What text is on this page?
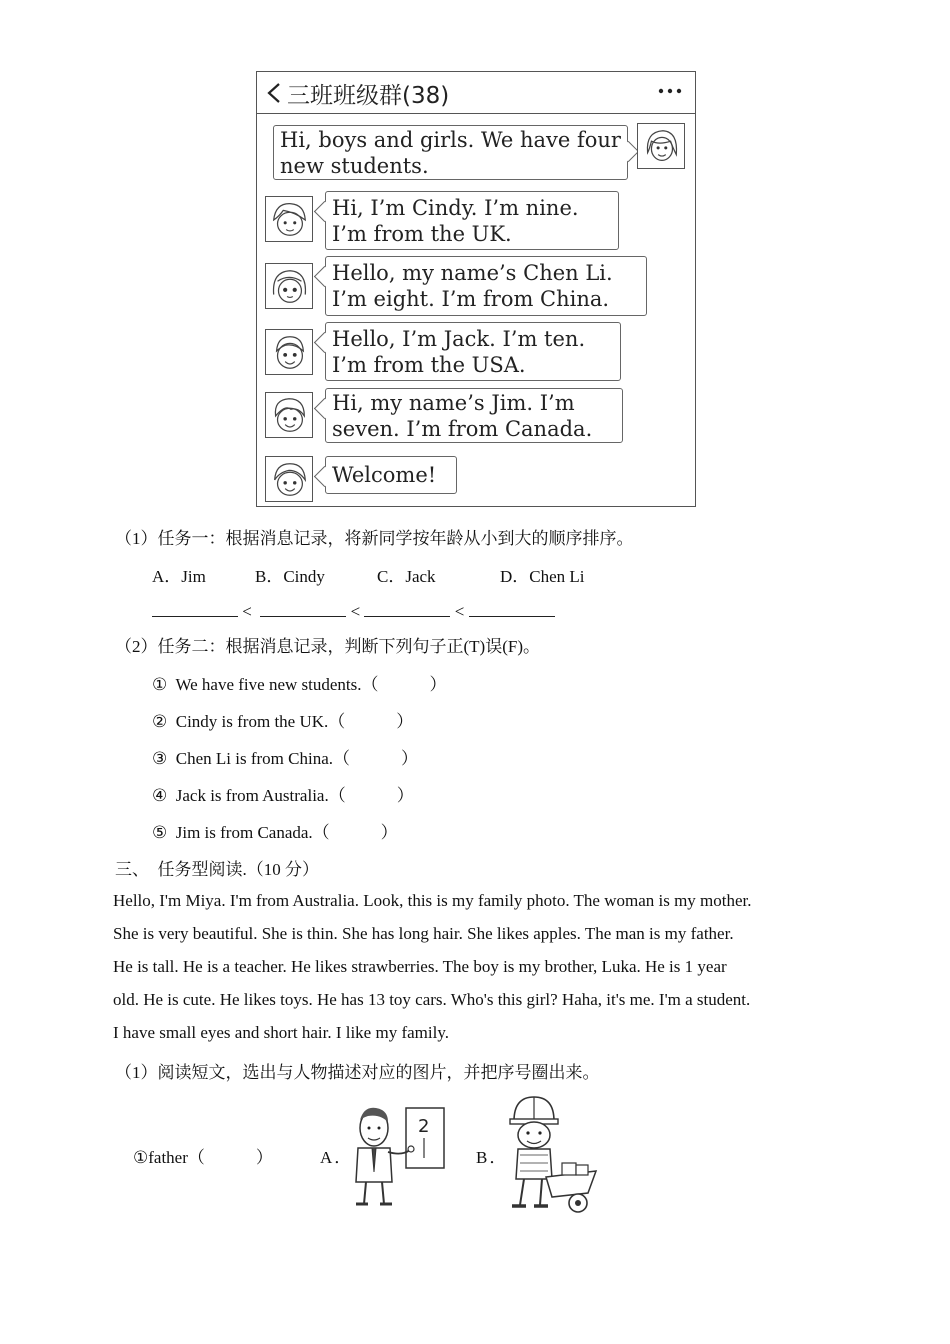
三班班级群(38)
Hi, boys and girls. We have four
new students.
Hi, I’m Cindy. I’m nine.
I’m from the UK.
Hello, my name’s Chen Li.
I’m eight. I’m from China.
Hello, I’m Jack. I’m ten.
I’m from the USA.
Hi, my name’s Jim. I’m
seven. I’m from Canada.
Welcome!
（1）任务一：根据消息记录，将新同学按年龄从小到大的顺序排序。
A．Jim	B．Cindy	C．Jack	D．Chen Li
<	<	<
（2）任务二：根据消息记录，判断下列句子正(T)误(F)。
① We have five new students.（　　　）
② Cindy is from the UK.（　　　）
③ Chen Li is from China.（　　　）
④ Jack is from Australia.（　　　）
⑤ Jim is from Canada.（　　　）
三、　任务型阅读.（10 分）
Hello, I'm Miya. I'm from Australia. Look, this is my family photo. The woman is my mother.
She is very beautiful. She is thin. She has long hair. She likes apples. The man is my father.
He is tall. He is a teacher. He likes strawberries. The boy is my brother, Luka. He is 1 year
old. He is cute. He likes toys. He has 13 toy cars. Who's this girl? Haha, it's me. I'm a student.
I have small eyes and short hair. I like my family.
（1）阅读短文，选出与人物描述对应的图片，并把序号圈出来。
①father（　　　）	A．
2
B．
